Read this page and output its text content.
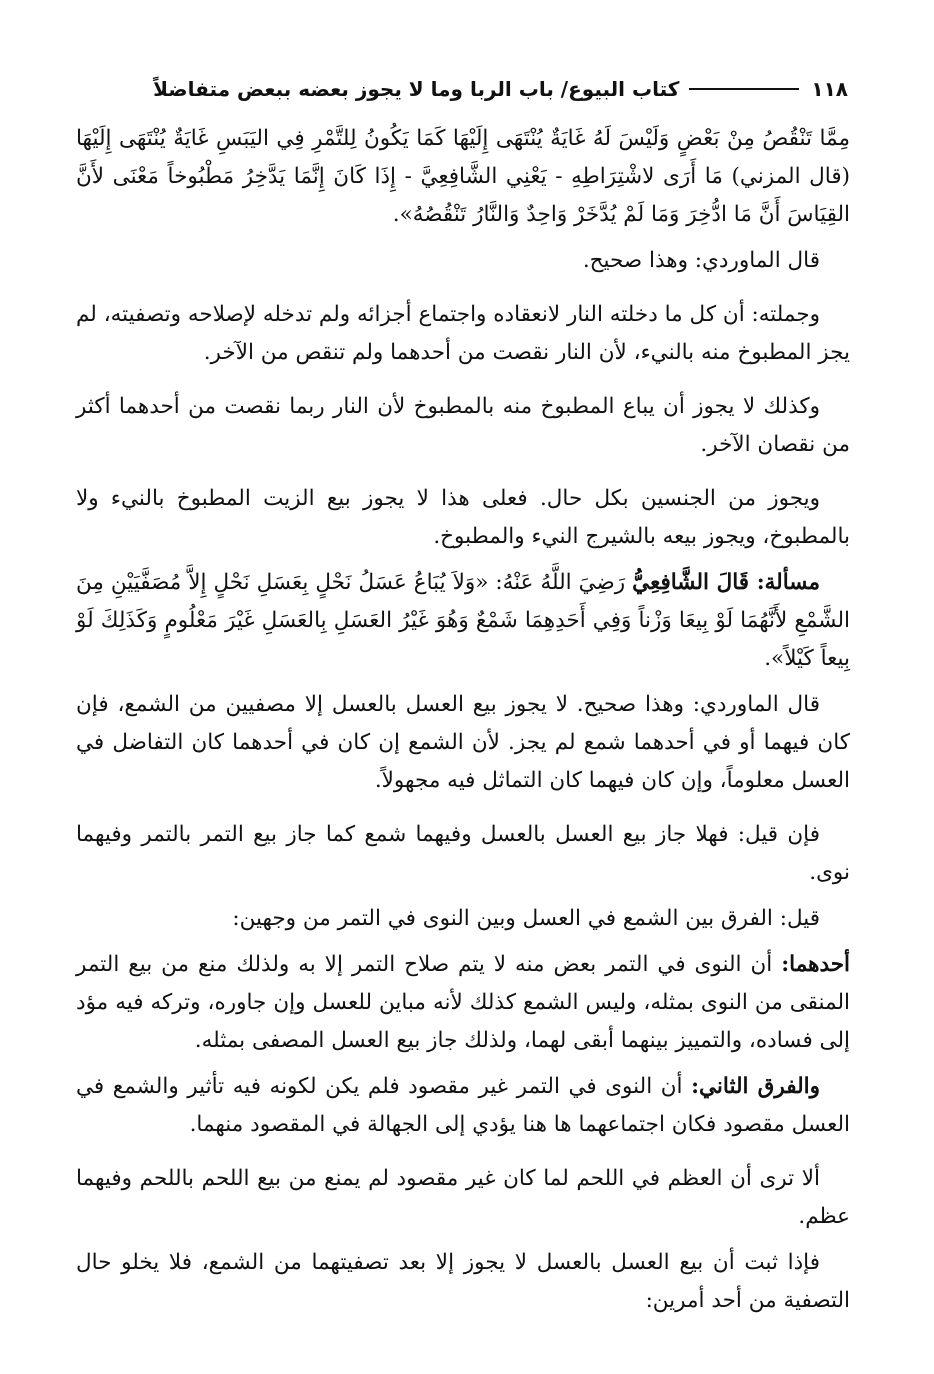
١١٨
كتاب البيوع/ باب الربا وما لا يجوز بعضه ببعض متفاضلاً

مِمَّا تَنْقُصُ مِنْ بَعْضٍ وَلَيْسَ لَهُ غَايَةٌ يُنْتَهَى إِلَيْهَا كَمَا يَكُونُ لِلتَّمْرِ فِي اليَبَسِ غَايَةٌ يُنْتَهَى إِلَيْهَا (قال المزني) مَا أَرَى لاشْتِرَاطِهِ - يَعْنِي الشَّافِعِيَّ - إِذَا كَانَ إِنَّمَا يَدَّخِرُ مَطْبُوخاً مَعْنَى لأَنَّ القِيَاسَ أَنَّ مَا ادُّخِرَ وَمَا لَمْ يُدَّخَرْ وَاحِدٌ وَالنَّارُ تَنْقُصُهُ».

قال الماوردي: وهذا صحيح.

وجملته: أن كل ما دخلته النار لانعقاده واجتماع أجزائه ولم تدخله لإصلاحه وتصفيته، لم يجز المطبوخ منه بالنيء، لأن النار نقصت من أحدهما ولم تنقص من الآخر.

وكذلك لا يجوز أن يباع المطبوخ منه بالمطبوخ لأن النار ربما نقصت من أحدهما أكثر من نقصان الآخر.

ويجوز من الجنسين بكل حال. فعلى هذا لا يجوز بيع الزيت المطبوخ بالنيء ولا بالمطبوخ، ويجوز بيعه بالشيرج النيء والمطبوخ.

مسألة: قَالَ الشَّافِعِيُّ رَضِيَ اللَّهُ عَنْهُ: «وَلاَ يُبَاعُ عَسَلُ نَحْلٍ بِعَسَلِ نَحْلٍ إِلاَّ مُصَفَّيَيْنِ مِنَ الشَّمْعِ لأَنَّهُمَا لَوْ بِيعَا وَزْناً وَفِي أَحَدِهِمَا شَمْعٌ وَهُوَ غَيْرُ العَسَلِ بِالعَسَلِ غَيْرَ مَعْلُومٍ وَكَذَلِكَ لَوْ بِيعاً كَيْلاً».

قال الماوردي: وهذا صحيح. لا يجوز بيع العسل بالعسل إلا مصفيين من الشمع، فإن كان فيهما أو في أحدهما شمع لم يجز. لأن الشمع إن كان في أحدهما كان التفاضل في العسل معلوماً، وإن كان فيهما كان التماثل فيه مجهولاً.

فإن قيل: فهلا جاز بيع العسل بالعسل وفيهما شمع كما جاز بيع التمر بالتمر وفيهما نوى.

قيل: الفرق بين الشمع في العسل وبين النوى في التمر من وجهين:

أحدهما: أن النوى في التمر بعض منه لا يتم صلاح التمر إلا به ولذلك منع من بيع التمر المنقى من النوى بمثله، وليس الشمع كذلك لأنه مباين للعسل وإن جاوره، وتركه فيه مؤد إلى فساده، والتمييز بينهما أبقى لهما، ولذلك جاز بيع العسل المصفى بمثله.

والفرق الثاني: أن النوى في التمر غير مقصود فلم يكن لكونه فيه تأثير والشمع في العسل مقصود فكان اجتماعهما ها هنا يؤدي إلى الجهالة في المقصود منهما.

ألا ترى أن العظم في اللحم لما كان غير مقصود لم يمنع من بيع اللحم باللحم وفيهما عظم.

فإذا ثبت أن بيع العسل بالعسل لا يجوز إلا بعد تصفيتهما من الشمع، فلا يخلو حال التصفية من أحد أمرين:
